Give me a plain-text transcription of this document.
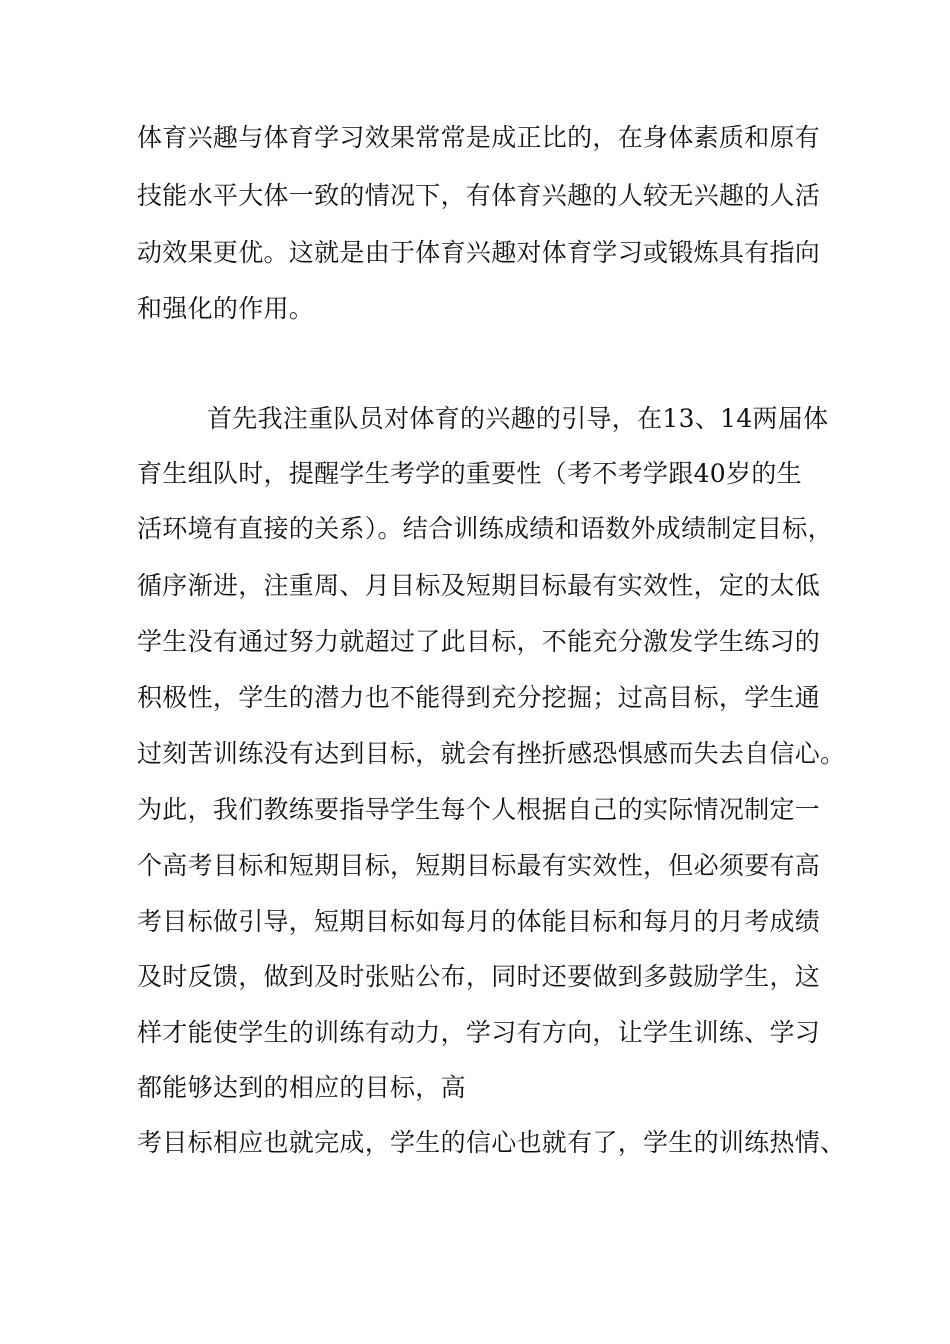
体育兴趣与体育学习效果常常是成正比的，在身体素质和原有
技能水平大体一致的情况下，有体育兴趣的人较无兴趣的人活
动效果更优。这就是由于体育兴趣对体育学习或锻炼具有指向
和强化的作用。
首先我注重队员对体育的兴趣的引导，在13、14两届体
育生组队时，提醒学生考学的重要性（考不考学跟40岁的生
活环境有直接的关系）。结合训练成绩和语数外成绩制定目标，
循序渐进，注重周、月目标及短期目标最有实效性，定的太低
学生没有通过努力就超过了此目标，不能充分激发学生练习的
积极性，学生的潜力也不能得到充分挖掘；过高目标，学生通
过刻苦训练没有达到目标，就会有挫折感恐惧感而失去自信心。
为此，我们教练要指导学生每个人根据自己的实际情况制定一
个高考目标和短期目标，短期目标最有实效性，但必须要有高
考目标做引导，短期目标如每月的体能目标和每月的月考成绩
及时反馈，做到及时张贴公布，同时还要做到多鼓励学生，这
样才能使学生的训练有动力，学习有方向，让学生训练、学习
都能够达到的相应的目标，高
考目标相应也就完成，学生的信心也就有了，学生的训练热情、
